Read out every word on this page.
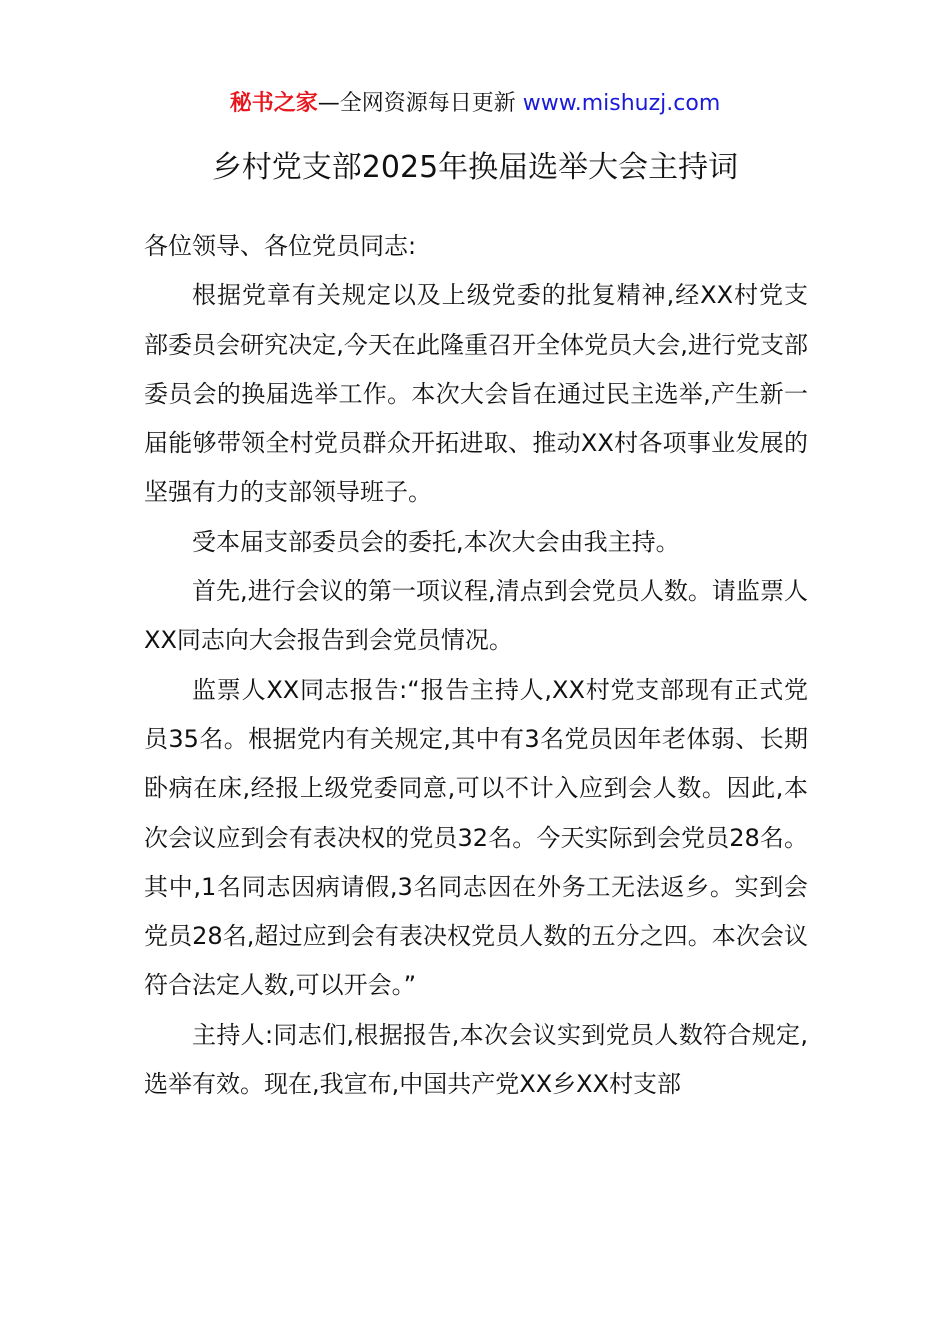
秘书之家—全网资源每日更新 www.mishuzj.com
乡村党支部2025年换届选举大会主持词

各位领导、各位党员同志:

根据党章有关规定以及上级党委的批复精神,经XX村党支部委员会研究决定,今天在此隆重召开全体党员大会,进行党支部委员会的换届选举工作。本次大会旨在通过民主选举,产生新一届能够带领全村党员群众开拓进取、推动XX村各项事业发展的坚强有力的支部领导班子。

受本届支部委员会的委托,本次大会由我主持。

首先,进行会议的第一项议程,清点到会党员人数。请监票人XX同志向大会报告到会党员情况。

监票人XX同志报告:“报告主持人,XX村党支部现有正式党员35名。根据党内有关规定,其中有3名党员因年老体弱、长期卧病在床,经报上级党委同意,可以不计入应到会人数。因此,本次会议应到会有表决权的党员32名。今天实际到会党员28名。其中,1名同志因病请假,3名同志因在外务工无法返乡。实到会党员28名,超过应到会有表决权党员人数的五分之四。本次会议符合法定人数,可以开会。”

主持人:同志们,根据报告,本次会议实到党员人数符合规定,选举有效。现在,我宣布,中国共产党XX乡XX村支部
